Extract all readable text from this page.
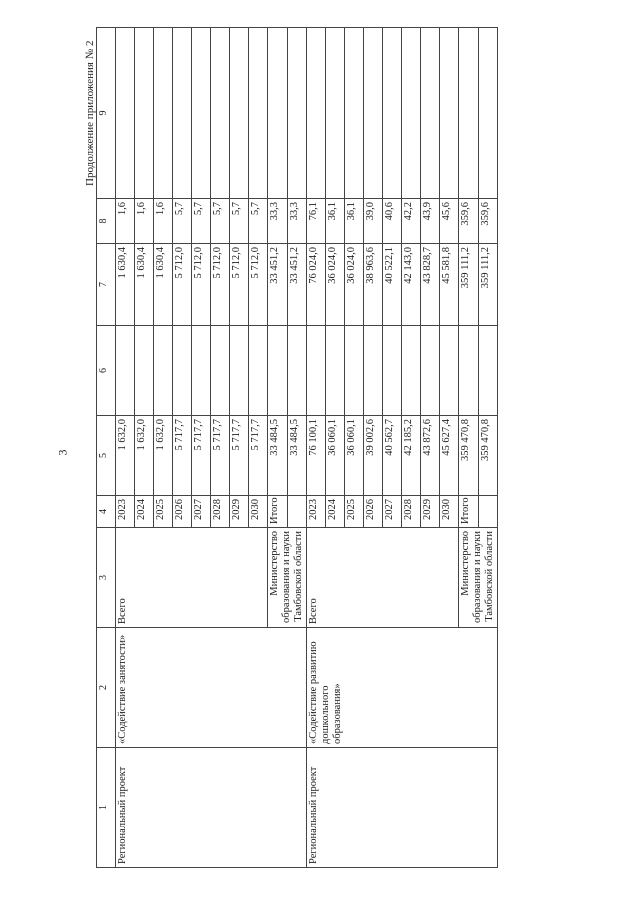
3
Продолжение приложения № 2
1	2	3	4	5	6	7	8	9
Региональный проект	«Содействие занятости»	Всего	2023	1 632,0		1 630,4	1,6	
			2024	1 632,0		1 630,4	1,6	
			2025	1 632,0		1 630,4	1,6	
			2026	5 717,7		5 712,0	5,7	
			2027	5 717,7		5 712,0	5,7	
			2028	5 717,7		5 712,0	5,7	
			2029	5 717,7		5 712,0	5,7	
			2030	5 717,7		5 712,0	5,7	
		Министерство образования и науки Тамбовской области	Итого	33 484,5		33 451,2	33,3	
				33 484,5		33 451,2	33,3	
Региональный проект	«Содействие развитию дошкольного образования»	Всего	2023	76 100,1		76 024,0	76,1	
			2024	36 060,1		36 024,0	36,1	
			2025	36 060,1		36 024,0	36,1	
			2026	39 002,6		38 963,6	39,0	
			2027	40 562,7		40 522,1	40,6	
			2028	42 185,2		42 143,0	42,2	
			2029	43 872,6		43 828,7	43,9	
			2030	45 627,4		45 581,8	45,6	
		Министерство образования и науки Тамбовской области	Итого	359 470,8		359 111,2	359,6	
				359 470,8		359 111,2	359,6	
